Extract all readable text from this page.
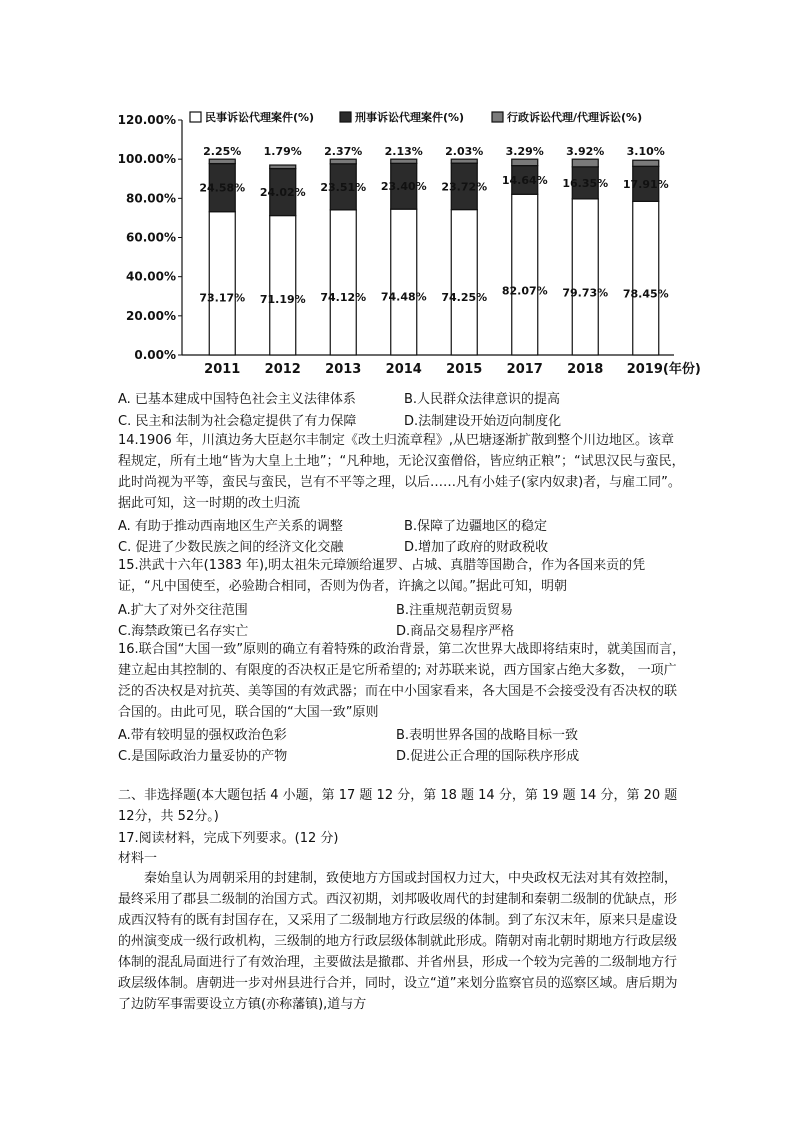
0.00%
20.00%
40.00%
60.00%
80.00%
100.00%
120.00%
73.17%
24.58%
2.25%
2011
71.19%
24.02%
1.79%
2012
74.12%
23.51%
2.37%
2013
74.48%
23.40%
2.13%
2014
74.25%
23.72%
2.03%
2015
82.07%
14.64%
3.29%
2017
79.73%
16.35%
3.92%
2018
78.45%
17.91%
3.10%
2019(年份)
民事诉讼代理案件(%)	刑事诉讼代理案件(%)	行政诉讼代理/代理诉讼(%)
A. 已基本建成中国特色社会主义法律体系	B.人民群众法律意识的提高
C. 民主和法制为社会稳定提供了有力保障	D.法制建设开始迈向制度化
14.1906 年，川滇边务大臣赵尔丰制定《改土归流章程》,从巴塘逐渐扩散到整个川边地区。该章程规定，所有土地“皆为大皇上土地”；“凡种地，无论汉蛮僧俗，皆应纳正粮”；“试思汉民与蛮民，此时尚视为平等，蛮民与蛮民，岂有不平等之理，以后……凡有小娃子(家内奴隶)者，与雇工同”。据此可知，这一时期的改土归流
A. 有助于推动西南地区生产关系的调整	B.保障了边疆地区的稳定
C. 促进了少数民族之间的经济文化交融	D.增加了政府的财政税收
15.洪武十六年(1383 年),明太祖朱元璋颁给暹罗、占城、真腊等国勘合，作为各国来贡的凭证，“凡中国使至，必验勘合相同，否则为伪者，许擒之以闻。”据此可知，明朝
A.扩大了对外交往范围	B.注重规范朝贡贸易
C.海禁政策已名存实亡	D.商品交易程序严格
16.联合国“大国一致”原则的确立有着特殊的政治背景，第二次世界大战即将结束时，就美国而言，建立起由其控制的、有限度的否决权正是它所希望的; 对苏联来说，西方国家占绝大多数， 一项广泛的否决权是对抗英、美等国的有效武器；而在中小国家看来，各大国是不会接受没有否决权的联合国的。由此可见，联合国的“大国一致”原则
A.带有较明显的强权政治色彩	B.表明世界各国的战略目标一致
C.是国际政治力量妥协的产物	D.促进公正合理的国际秩序形成
二、非选择题(本大题包括 4 小题，第 17 题 12 分，第 18 题 14 分，第 19 题 14 分，第 20 题 12分，共 52分。)
17.阅读材料，完成下列要求。(12 分)
材料一
秦始皇认为周朝采用的封建制，致使地方方国或封国权力过大，中央政权无法对其有效控制，最终采用了郡县二级制的治国方式。西汉初期，刘邦吸收周代的封建制和秦朝二级制的优缺点，形成西汉特有的既有封国存在，又采用了二级制地方行政层级的体制。到了东汉末年，原来只是虚设的州演变成一级行政机构，三级制的地方行政层级体制就此形成。隋朝对南北朝时期地方行政层级体制的混乱局面进行了有效治理，主要做法是撤郡、并省州县，形成一个较为完善的二级制地方行政层级体制。唐朝进一步对州县进行合并，同时，设立“道”来划分监察官员的巡察区域。唐后期为了边防军事需要设立方镇(亦称藩镇),道与方
